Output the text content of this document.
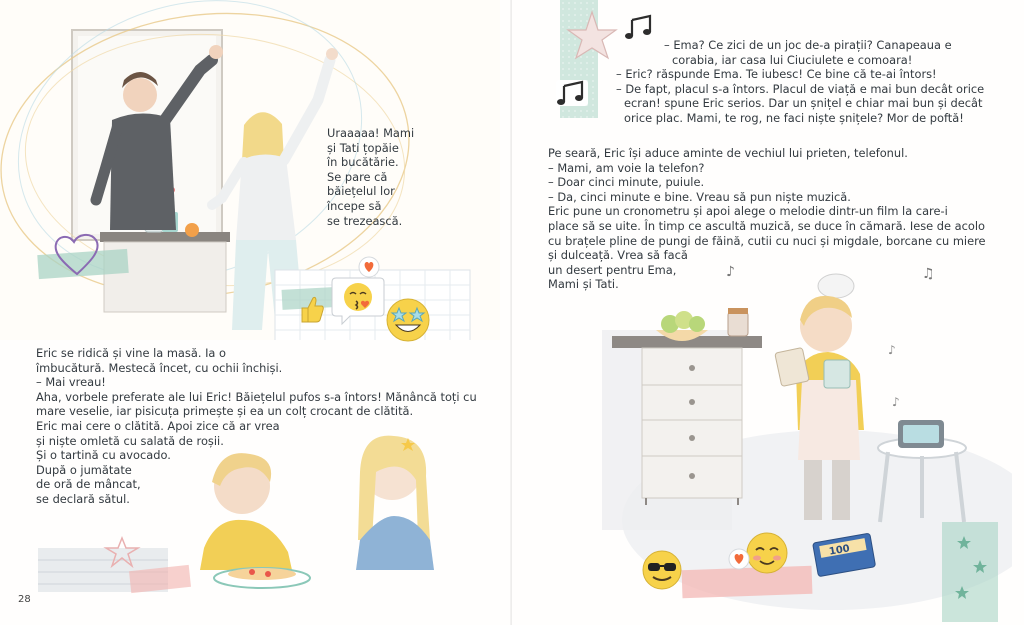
Uraaaaa! Mami
și Tati țopăie
în bucătărie.
Se pare că
băiețelul lor
începe să
se trezească.
Eric se ridică și vine la masă. Ia o
îmbucătură. Mestecă încet, cu ochii închiși.
– Mai vreau!
Aha, vorbele preferate ale lui Eric! Băiețelul pufos s-a întors! Mănâncă toți cu
mare veselie, iar pisicuța primește și ea un colț crocant de clătită.
Eric mai cere o clătită. Apoi zice că ar vrea
și niște omletă cu salată de roșii.
Și o tartină cu avocado.
După o jumătate
de oră de mâncat,
se declară sătul.
28
– Ema? Ce zici de un joc de-a pirații? Canapeaua e
corabia, iar casa lui Ciuciulete e comoara!
– Eric? răspunde Ema. Te iubesc! Ce bine că te-ai întors!
– De fapt, placul s-a întors. Placul de viață e mai bun decât orice
ecran! spune Eric serios. Dar un șnițel e chiar mai bun și decât
orice plac. Mami, te rog, ne faci niște șnițele? Mor de poftă!
Pe seară, Eric își aduce aminte de vechiul lui prieten, telefonul.
– Mami, am voie la telefon?
– Doar cinci minute, puiule.
– Da, cinci minute e bine. Vreau să pun niște muzică.
Eric pune un cronometru și apoi alege o melodie dintr-un film la care-i
place să se uite. În timp ce ascultă muzică, se duce în cămară. Iese de acolo
cu brațele pline de pungi de făină, cutii cu nuci și migdale, borcane cu miere
și dulceață. Vrea să facă
un desert pentru Ema,
Mami și Tati.
♪	♫
♪
♪
100
